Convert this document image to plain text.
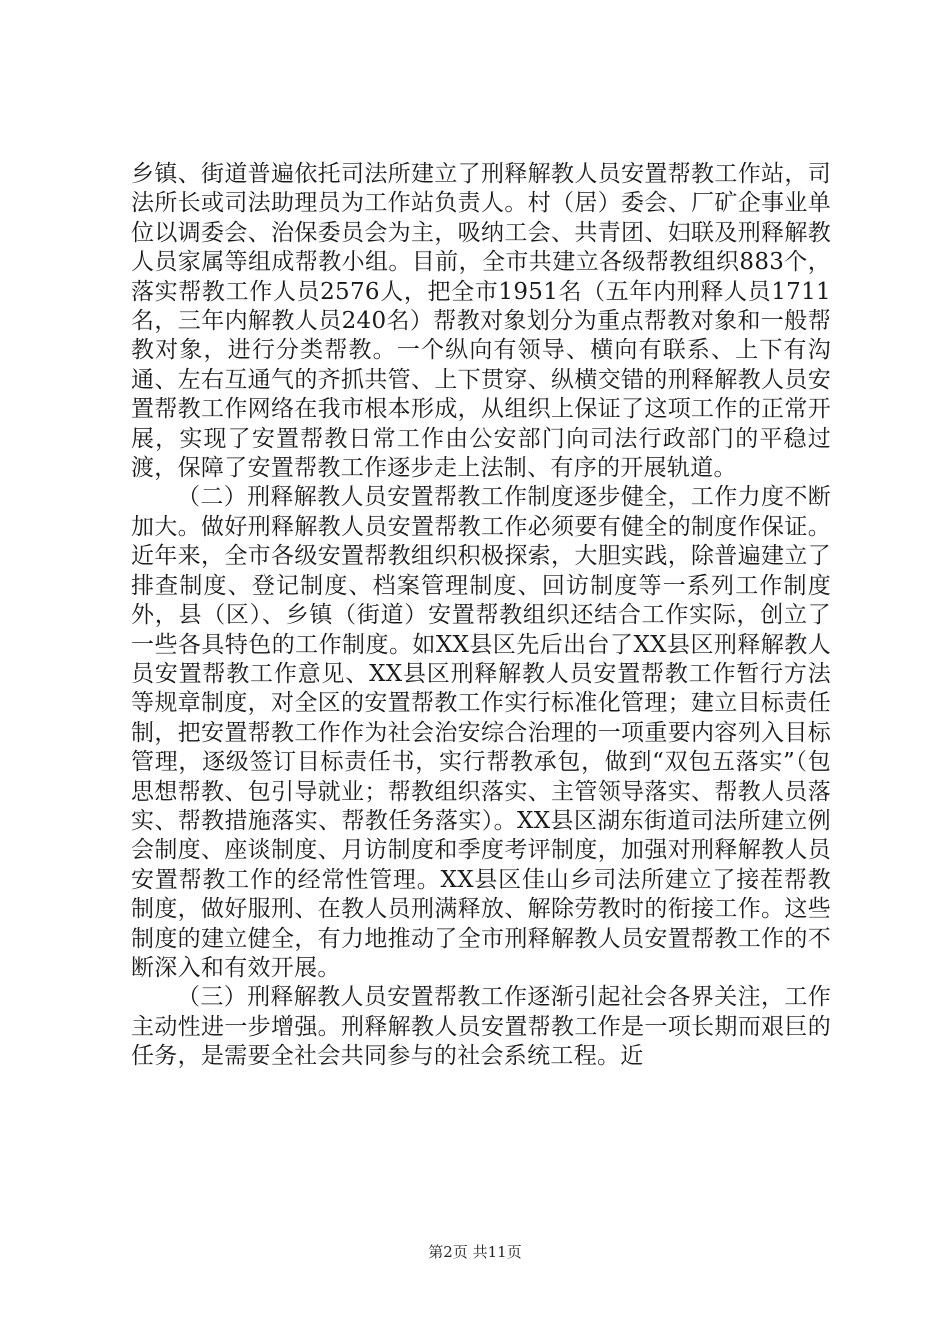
乡镇、街道普遍依托司法所建立了刑释解教人员安置帮教工作站，司法所长或司法助理员为工作站负责人。村（居）委会、厂矿企事业单位以调委会、治保委员会为主，吸纳工会、共青团、妇联及刑释解教人员家属等组成帮教小组。目前，全市共建立各级帮教组织883个，落实帮教工作人员2576人，把全市1951名（五年内刑释人员1711名，三年内解教人员240名）帮教对象划分为重点帮教对象和一般帮教对象，进行分类帮教。一个纵向有领导、横向有联系、上下有沟通、左右互通气的齐抓共管、上下贯穿、纵横交错的刑释解教人员安置帮教工作网络在我市根本形成，从组织上保证了这项工作的正常开展，实现了安置帮教日常工作由公安部门向司法行政部门的平稳过渡，保障了安置帮教工作逐步走上法制、有序的开展轨道。

（二）刑释解教人员安置帮教工作制度逐步健全，工作力度不断加大。做好刑释解教人员安置帮教工作必须要有健全的制度作保证。近年来，全市各级安置帮教组织积极探索，大胆实践，除普遍建立了排查制度、登记制度、档案管理制度、回访制度等一系列工作制度外，县（区）、乡镇（街道）安置帮教组织还结合工作实际，创立了一些各具特色的工作制度。如XX县区先后出台了XX县区刑释解教人员安置帮教工作意见、XX县区刑释解教人员安置帮教工作暂行方法等规章制度，对全区的安置帮教工作实行标准化管理；建立目标责任制，把安置帮教工作作为社会治安综合治理的一项重要内容列入目标管理，逐级签订目标责任书，实行帮教承包，做到“双包五落实”（包思想帮教、包引导就业；帮教组织落实、主管领导落实、帮教人员落实、帮教措施落实、帮教任务落实）。XX县区湖东街道司法所建立例会制度、座谈制度、月访制度和季度考评制度，加强对刑释解教人员安置帮教工作的经常性管理。XX县区佳山乡司法所建立了接茬帮教制度，做好服刑、在教人员刑满释放、解除劳教时的衔接工作。这些制度的建立健全，有力地推动了全市刑释解教人员安置帮教工作的不断深入和有效开展。

（三）刑释解教人员安置帮教工作逐渐引起社会各界关注，工作主动性进一步增强。刑释解教人员安置帮教工作是一项长期而艰巨的任务，是需要全社会共同参与的社会系统工程。近

第2页 共11页
